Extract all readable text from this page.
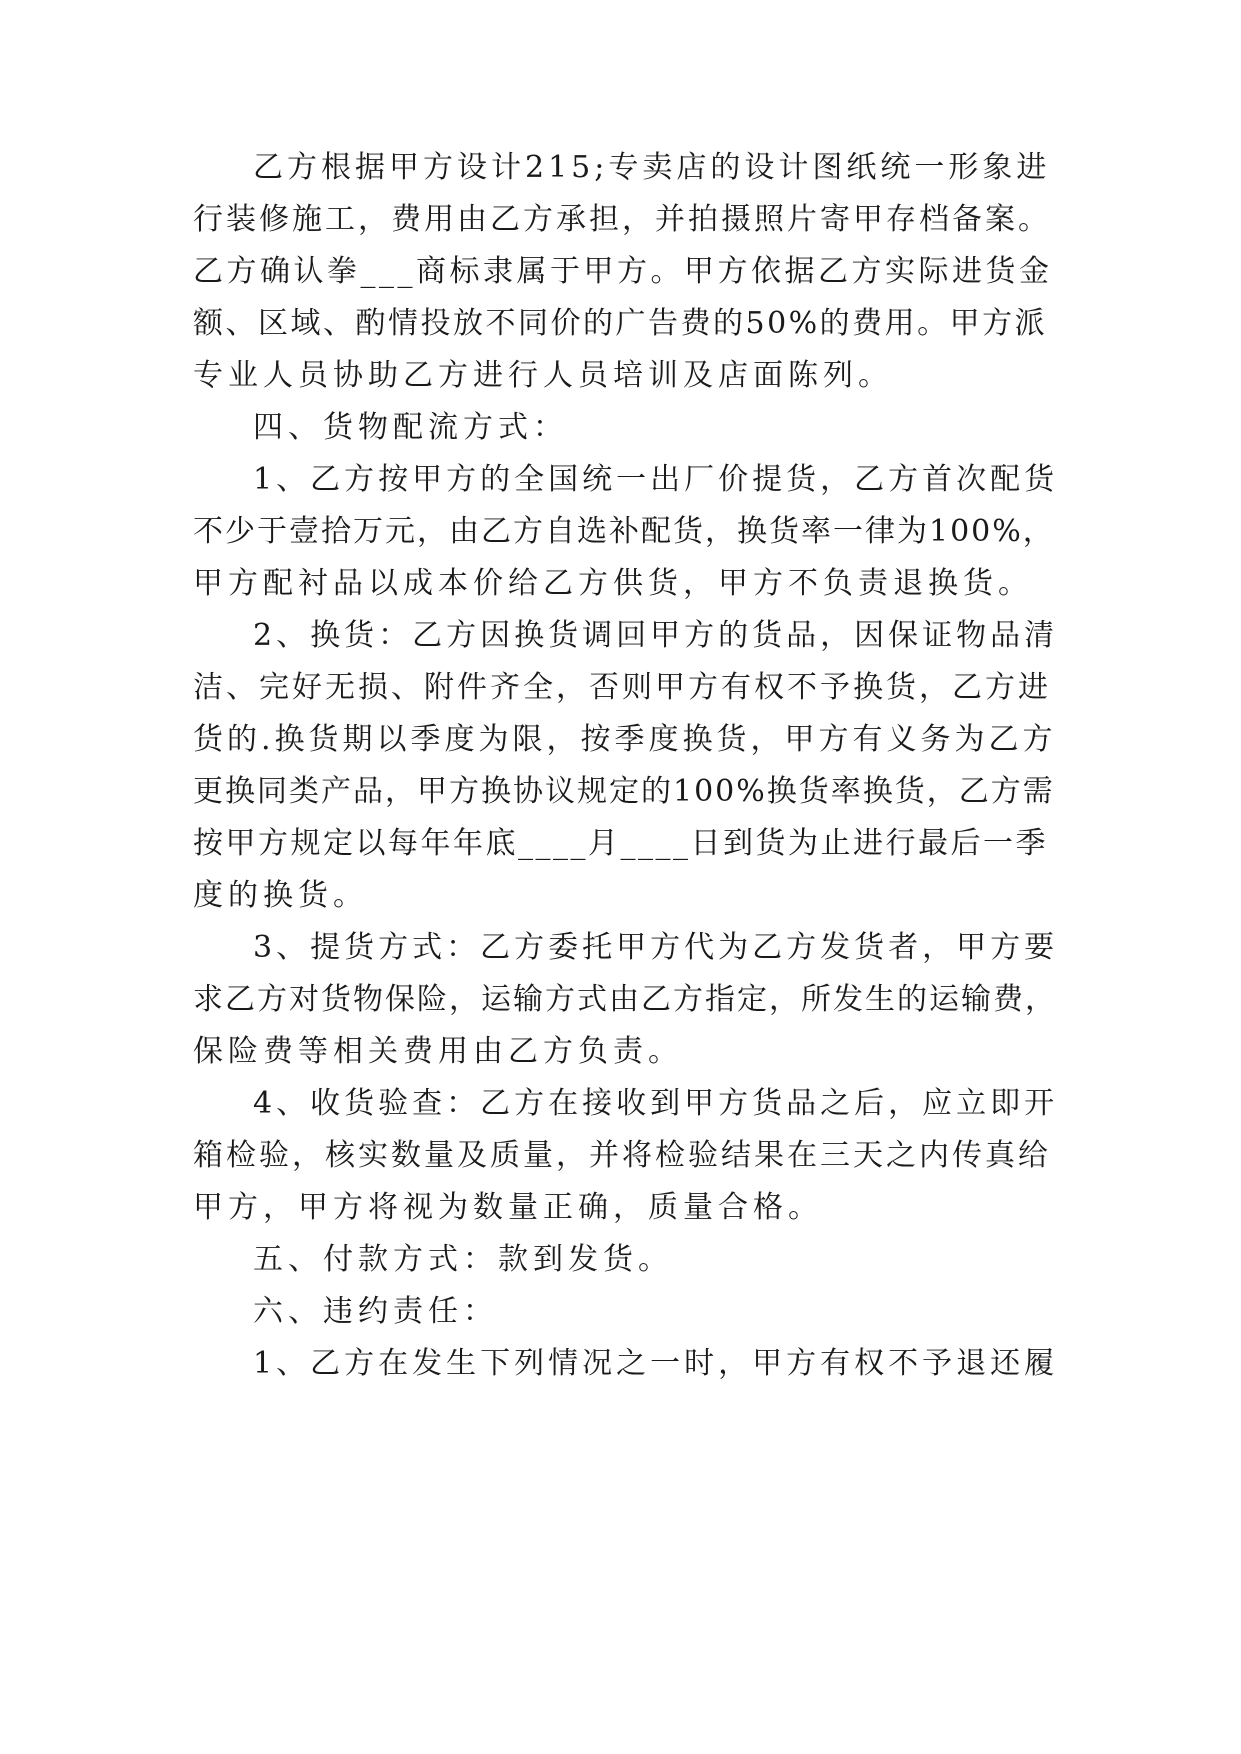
乙方根据甲方设计215;专卖店的设计图纸统一形象进
行装修施工，费用由乙方承担，并拍摄照片寄甲存档备案。
乙方确认拳___商标隶属于甲方。甲方依据乙方实际进货金
额、区域、酌情投放不同价的广告费的50%的费用。甲方派
专业人员协助乙方进行人员培训及店面陈列。
四、货物配流方式：
1、乙方按甲方的全国统一出厂价提货，乙方首次配货
不少于壹拾万元，由乙方自选补配货，换货率一律为100%，
甲方配衬品以成本价给乙方供货，甲方不负责退换货。
2、换货：乙方因换货调回甲方的货品，因保证物品清
洁、完好无损、附件齐全，否则甲方有权不予换货，乙方进
货的.换货期以季度为限，按季度换货，甲方有义务为乙方
更换同类产品，甲方换协议规定的100%换货率换货，乙方需
按甲方规定以每年年底____月____日到货为止进行最后一季
度的换货。
3、提货方式：乙方委托甲方代为乙方发货者，甲方要
求乙方对货物保险，运输方式由乙方指定，所发生的运输费，
保险费等相关费用由乙方负责。
4、收货验查：乙方在接收到甲方货品之后，应立即开
箱检验，核实数量及质量，并将检验结果在三天之内传真给
甲方，甲方将视为数量正确，质量合格。
五、付款方式：款到发货。
六、违约责任：
1、乙方在发生下列情况之一时，甲方有权不予退还履
